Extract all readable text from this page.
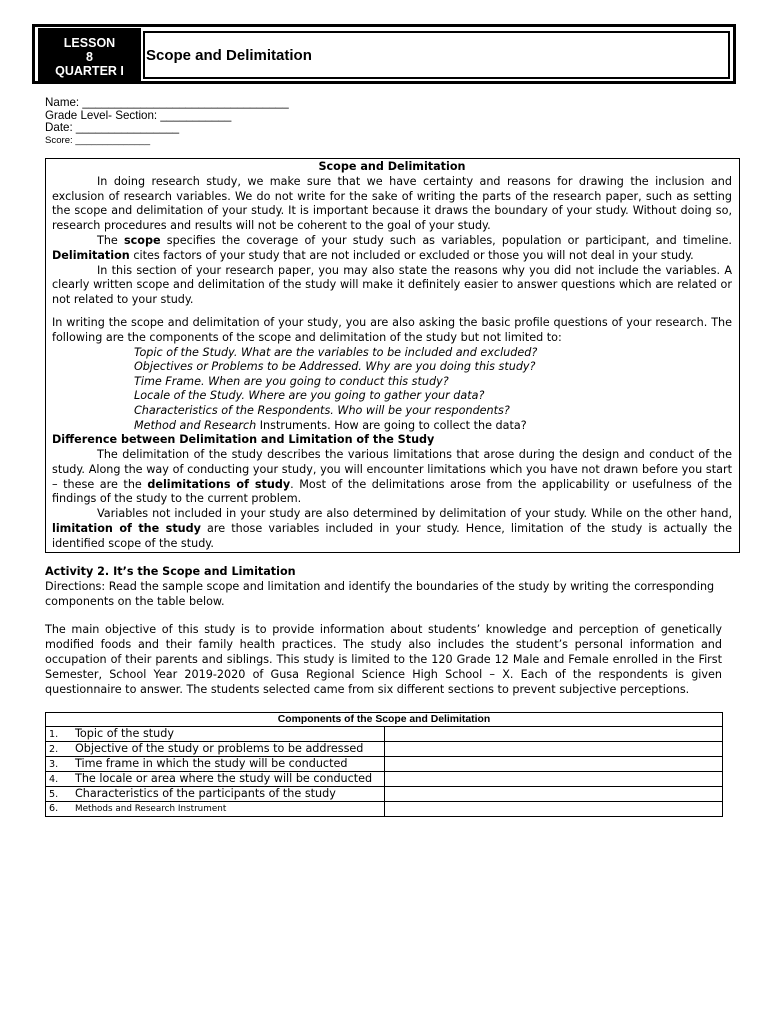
LESSON
8
QUARTER I
Scope and Delimitation
Name: ________________________________
Grade Level- Section: ___________
Date: ________________
Score: ______________
Scope and Delimitation

In doing research study, we make sure that we have certainty and reasons for drawing the inclusion and exclusion of research variables. We do not write for the sake of writing the parts of the research paper, such as setting the scope and delimitation of your study. It is important because it draws the boundary of your study. Without doing so, research procedures and results will not be coherent to the goal of your study.

The scope specifies the coverage of your study such as variables, population or participant, and timeline. Delimitation cites factors of your study that are not included or excluded or those you will not deal in your study.

In this section of your research paper, you may also state the reasons why you did not include the variables. A clearly written scope and delimitation of the study will make it definitely easier to answer questions which are related or not related to your study.

In writing the scope and delimitation of your study, you are also asking the basic profile questions of your research. The following are the components of the scope and delimitation of the study but not limited to:

Topic of the Study. What are the variables to be included and excluded?
Objectives or Problems to be Addressed. Why are you doing this study?
Time Frame. When are you going to conduct this study?
Locale of the Study. Where are you going to gather your data?
Characteristics of the Respondents. Who will be your respondents?
Method and Research Instruments. How are going to collect the data?
Difference between Delimitation and Limitation of the Study

The delimitation of the study describes the various limitations that arose during the design and conduct of the study. Along the way of conducting your study, you will encounter limitations which you have not drawn before you start – these are the delimitations of study. Most of the delimitations arose from the applicability or usefulness of the findings of the study to the current problem.

Variables not included in your study are also determined by delimitation of your study. While on the other hand, limitation of the study are those variables included in your study. Hence, limitation of the study is actually the identified scope of the study.

Activity 2. It’s the Scope and Limitation

Directions: Read the sample scope and limitation and identify the boundaries of the study by writing the corresponding components on the table below.

The main objective of this study is to provide information about students’ knowledge and perception of genetically modified foods and their family health practices. The study also includes the student’s personal information and occupation of their parents and siblings. This study is limited to the 120 Grade 12 Male and Female enrolled in the First Semester, School Year 2019-2020 of Gusa Regional Science High School – X. Each of the respondents is given questionnaire to answer. The students selected came from six different sections to prevent subjective perceptions.

Components of the Scope and Delimitation	
1. Topic of the study	
2. Objective of the study or problems to be addressed	
3. Time frame in which the study will be conducted	
4. The locale or area where the study will be conducted	
5. Characteristics of the participants of the study	
6. Methods and Research Instrument	
